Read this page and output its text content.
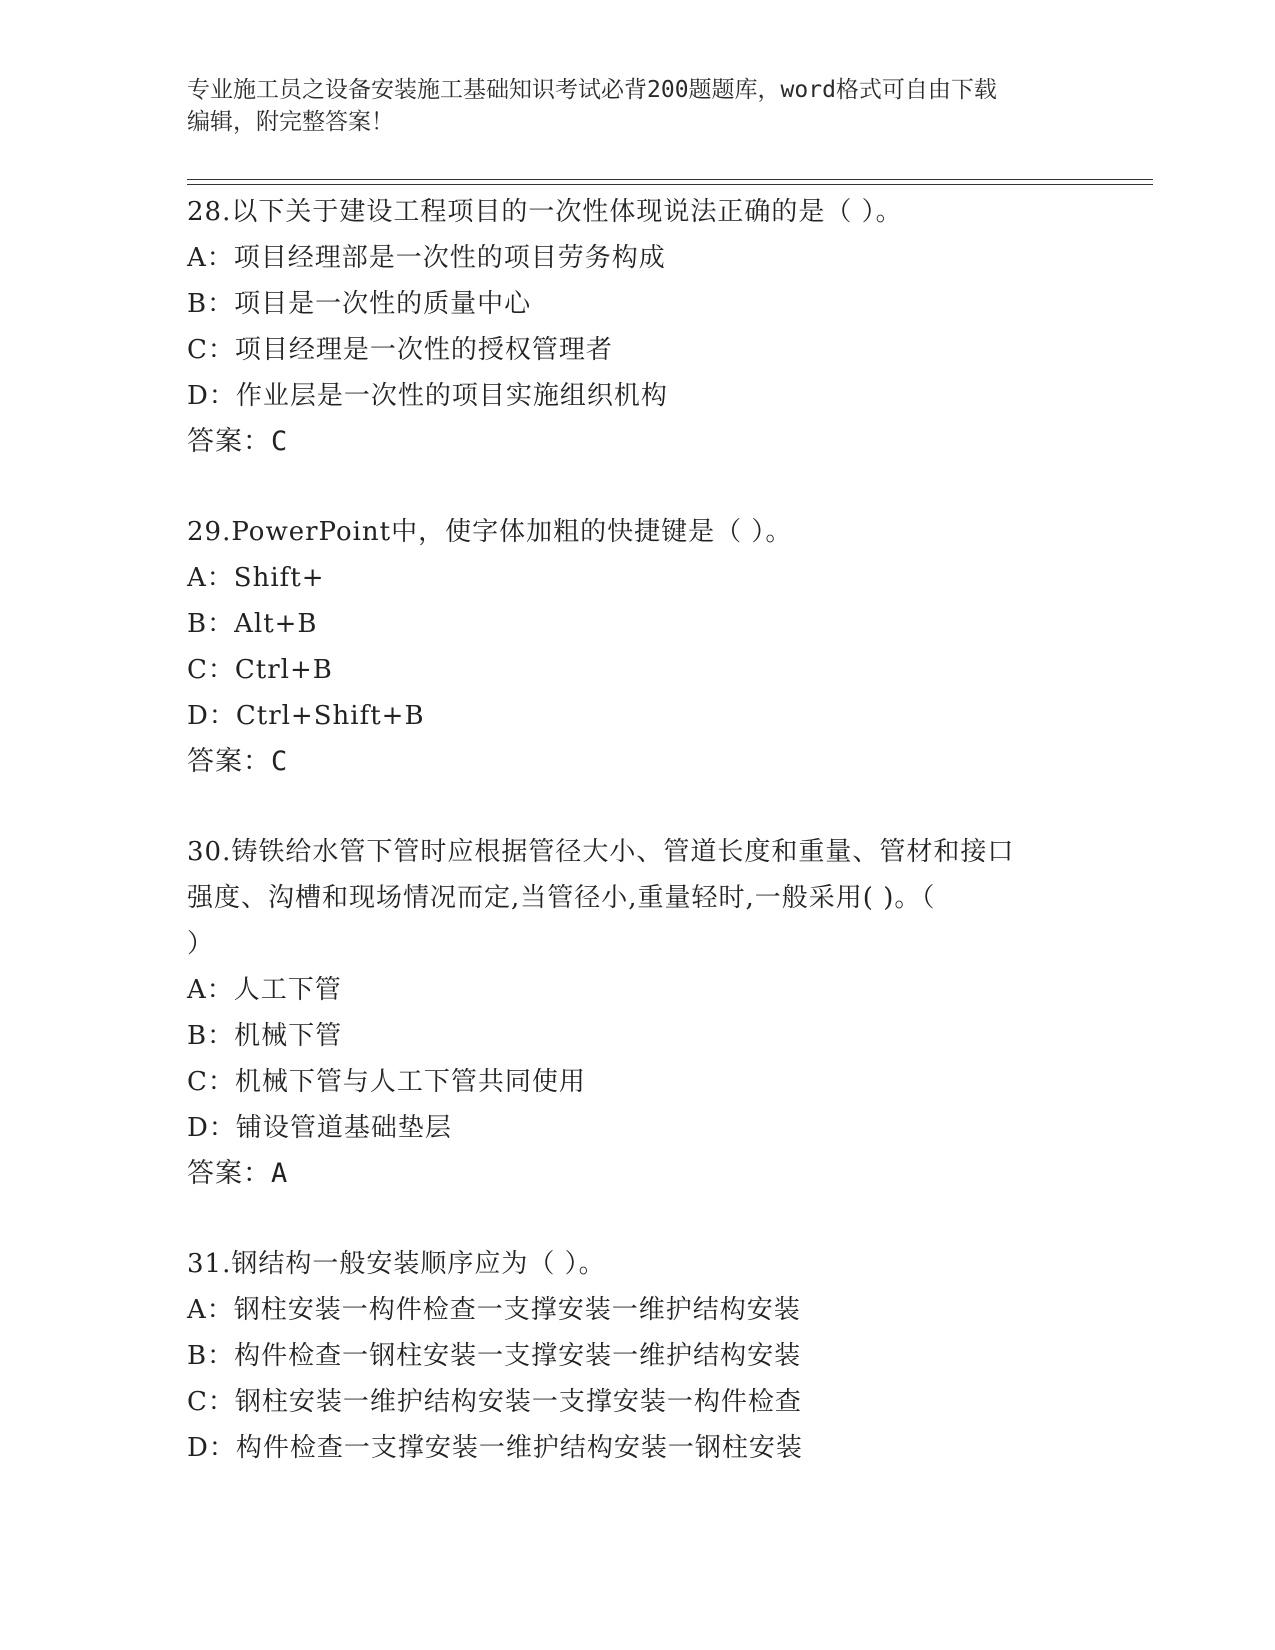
专业施工员之设备安装施工基础知识考试必背200题题库，word格式可自由下载
编辑，附完整答案！
28.以下关于建设工程项目的一次性体现说法正确的是（ ）。
A：项目经理部是一次性的项目劳务构成
B：项目是一次性的质量中心
C：项目经理是一次性的授权管理者
D：作业层是一次性的项目实施组织机构
答案：C
29.PowerPoint中，使字体加粗的快捷键是（ ）。
A：Shift+
B：Alt+B
C：Ctrl+B
D：Ctrl+Shift+B
答案：C
30.铸铁给水管下管时应根据管径大小、管道长度和重量、管材和接口
强度、沟槽和现场情况而定,当管径小,重量轻时,一般采用( )。（
）
A：人工下管
B：机械下管
C：机械下管与人工下管共同使用
D：铺设管道基础垫层
答案：A
31.钢结构一般安装顺序应为（ ）。
A：钢柱安装一构件检查一支撑安装一维护结构安装
B：构件检查一钢柱安装一支撑安装一维护结构安装
C：钢柱安装一维护结构安装一支撑安装一构件检查
D：构件检查一支撑安装一维护结构安装一钢柱安装
